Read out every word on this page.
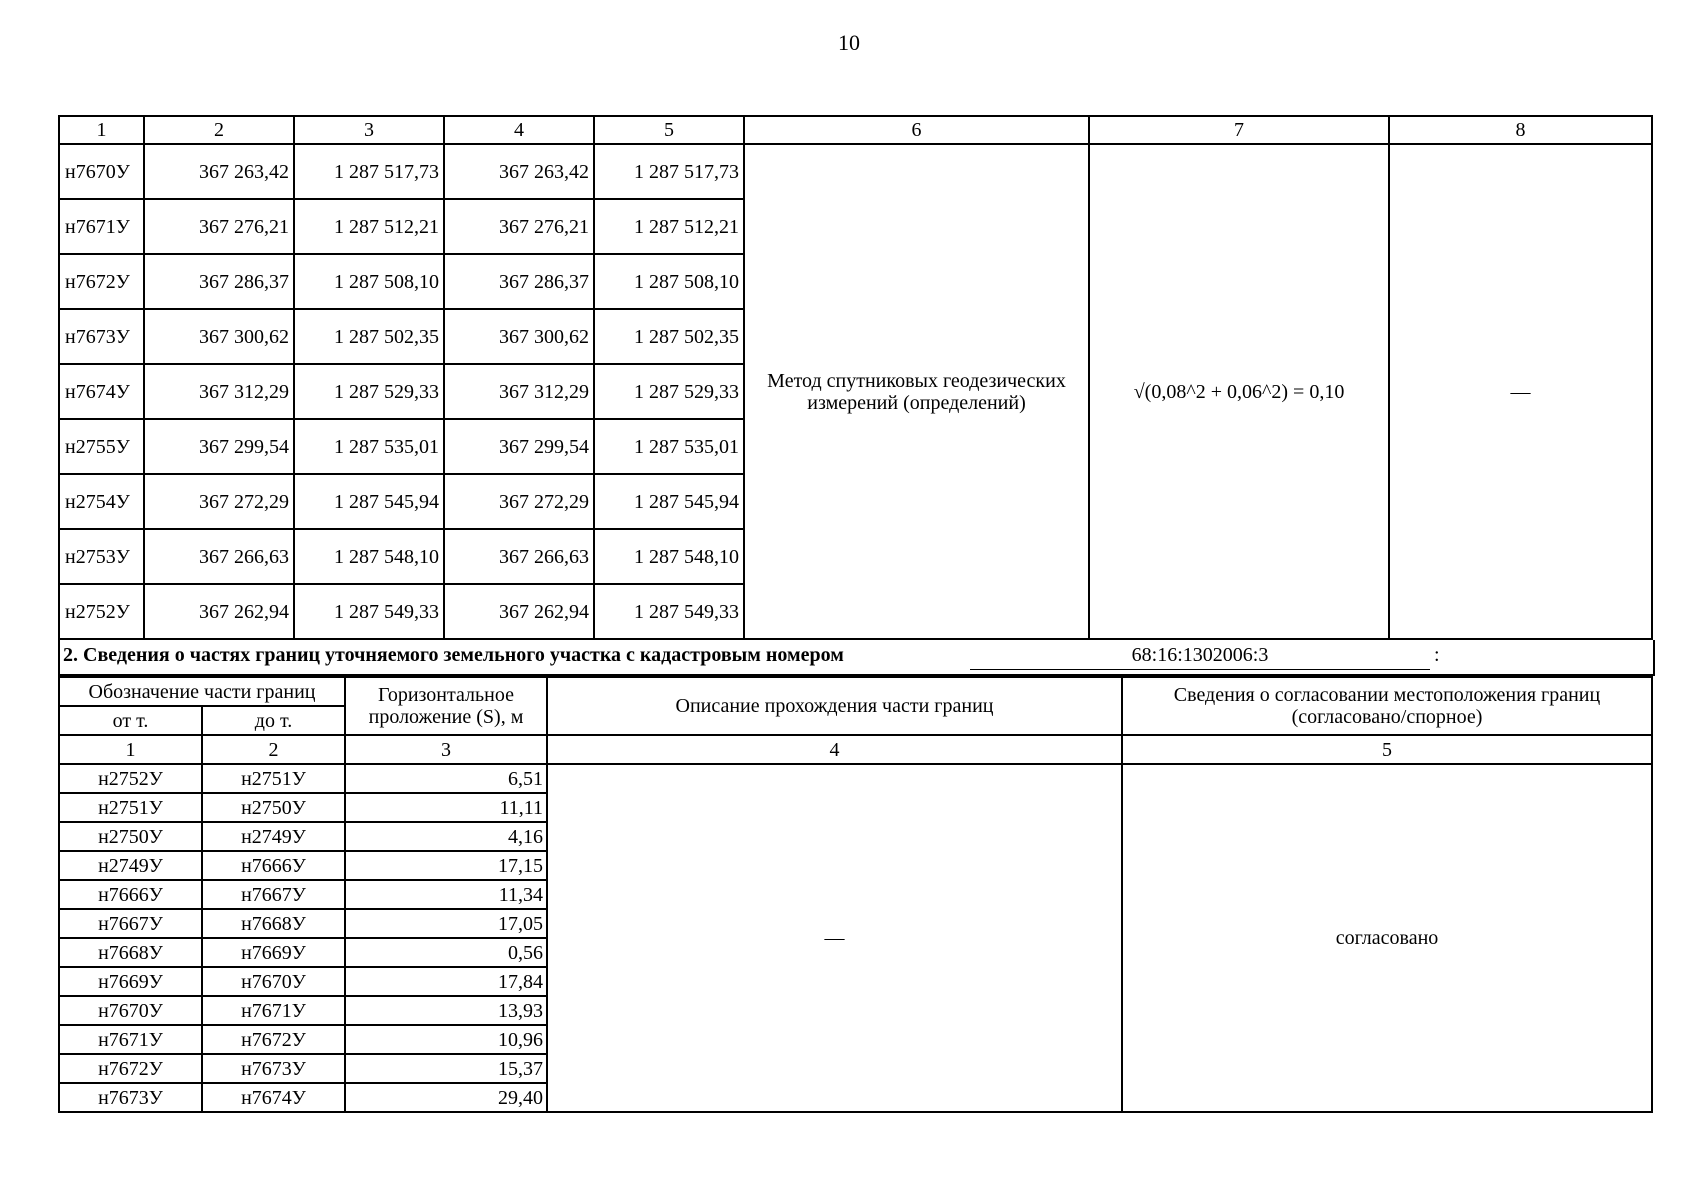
10
1	2	3	4	5	6	7	8
н7670У	367 263,42	1 287 517,73	367 263,42	1 287 517,73	Метод спутниковых геодезических измерений (определений)	√(0,08^2 + 0,06^2) = 0,10	—
н7671У	367 276,21	1 287 512,21	367 276,21	1 287 512,21			
н7672У	367 286,37	1 287 508,10	367 286,37	1 287 508,10			
н7673У	367 300,62	1 287 502,35	367 300,62	1 287 502,35			
н7674У	367 312,29	1 287 529,33	367 312,29	1 287 529,33			
н2755У	367 299,54	1 287 535,01	367 299,54	1 287 535,01			
н2754У	367 272,29	1 287 545,94	367 272,29	1 287 545,94			
н2753У	367 266,63	1 287 548,10	367 266,63	1 287 548,10			
н2752У	367 262,94	1 287 549,33	367 262,94	1 287 549,33			
2. Сведения о частях границ уточняемого земельного участка с кадастровым номером	68:16:1302006:3	:
Обозначение части границ		Горизонтальное проложение (S), м	Описание прохождения части границ	Сведения о согласовании местоположения границ (согласовано/спорное)
от т.	до т.			
1	2	3	4	5
н2752У	н2751У	6,51	—	согласовано
н2751У	н2750У	11,11		
н2750У	н2749У	4,16		
н2749У	н7666У	17,15		
н7666У	н7667У	11,34		
н7667У	н7668У	17,05		
н7668У	н7669У	0,56		
н7669У	н7670У	17,84		
н7670У	н7671У	13,93		
н7671У	н7672У	10,96		
н7672У	н7673У	15,37		
н7673У	н7674У	29,40		
